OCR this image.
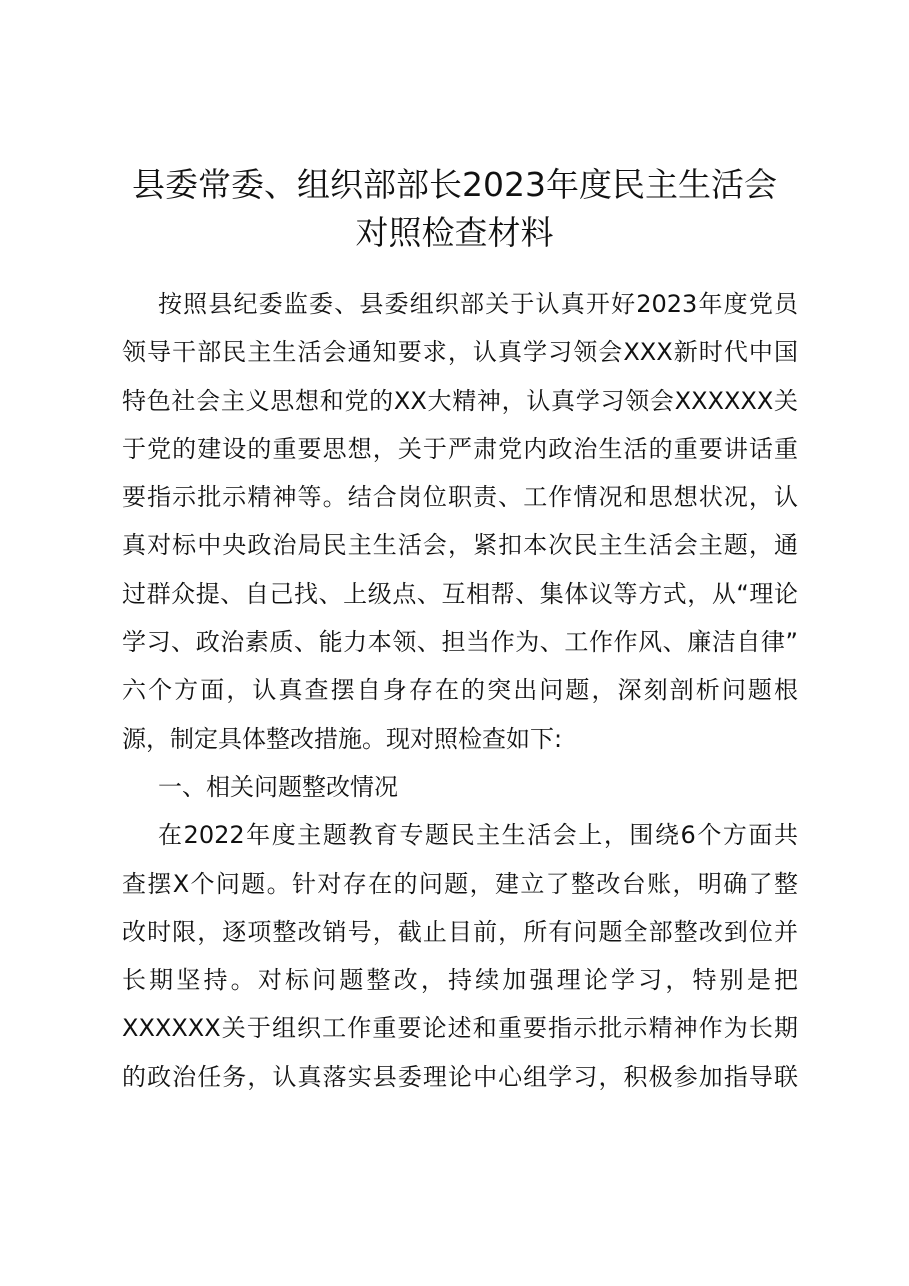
县委常委、组织部部长2023年度民主生活会
对照检查材料
按照县纪委监委、县委组织部关于认真开好2023年度党员
领导干部民主生活会通知要求，认真学习领会XXX新时代中国
特色社会主义思想和党的XX大精神，认真学习领会XXXXXX关
于党的建设的重要思想，关于严肃党内政治生活的重要讲话重
要指示批示精神等。结合岗位职责、工作情况和思想状况，认
真对标中央政治局民主生活会，紧扣本次民主生活会主题，通
过群众提、自己找、上级点、互相帮、集体议等方式，从“理论
学习、政治素质、能力本领、担当作为、工作作风、廉洁自律”
六个方面，认真查摆自身存在的突出问题，深刻剖析问题根
源，制定具体整改措施。现对照检查如下:
一、相关问题整改情况
在2022年度主题教育专题民主生活会上，围绕6个方面共
查摆X个问题。针对存在的问题，建立了整改台账，明确了整
改时限，逐项整改销号，截止目前，所有问题全部整改到位并
长期坚持。对标问题整改，持续加强理论学习，特别是把
XXXXXX关于组织工作重要论述和重要指示批示精神作为长期
的政治任务，认真落实县委理论中心组学习，积极参加指导联
